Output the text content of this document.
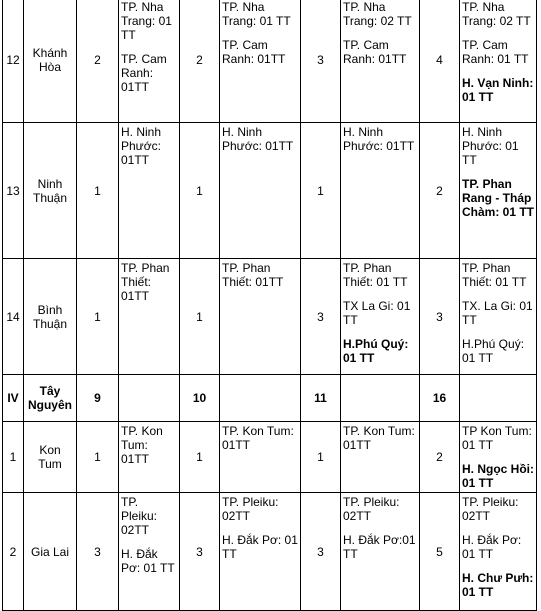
12	Khánh Hòa	2	TP. Nha Trang: 01 TT
TP. Cam Ranh: 01TT	2	TP. Nha Trang: 01 TT
TP. Cam Ranh: 01TT	3	TP. Nha Trang: 02 TT
TP. Cam Ranh: 01TT	4	TP. Nha Trang: 02 TT
TP. Cam Ranh: 01 TT
H. Vạn Ninh: 01 TT

13	Ninh Thuận	1	H. Ninh Phước: 01TT	1	H. Ninh Phước: 01TT	1	H. Ninh Phước: 01TT	2	H. Ninh Phước: 01 TT
TP. Phan Rang - Tháp Chàm: 01 TT

14	Bình Thuận	1	TP. Phan Thiết: 01TT	1	TP. Phan Thiết: 01TT	3	TP. Phan Thiết: 01 TT
TX La Gi: 01 TT
H.Phú Quý: 01 TT	3	TP. Phan Thiết: 01 TT
TX. La Gi: 01 TT
H.Phú Quý: 01 TT

IV	Tây Nguyên	9		10		11		16	
1	Kon Tum	1	TP. Kon Tum: 01TT	1	TP. Kon Tum: 01TT	1	TP. Kon Tum: 01TT	2	TP Kon Tum: 01 TT
H. Ngọc Hồi: 01 TT

2	Gia Lai	3	TP. Pleiku: 02TT
H. Đắk Pơ: 01 TT	3	TP. Pleiku: 02TT
H. Đắk Pơ: 01 TT	3	TP. Pleiku: 02TT
H. Đắk Pơ:01 TT	5	TP. Pleiku: 02TT
H. Đắk Pơ: 01 TT
H. Chư Pưh: 01 TT
